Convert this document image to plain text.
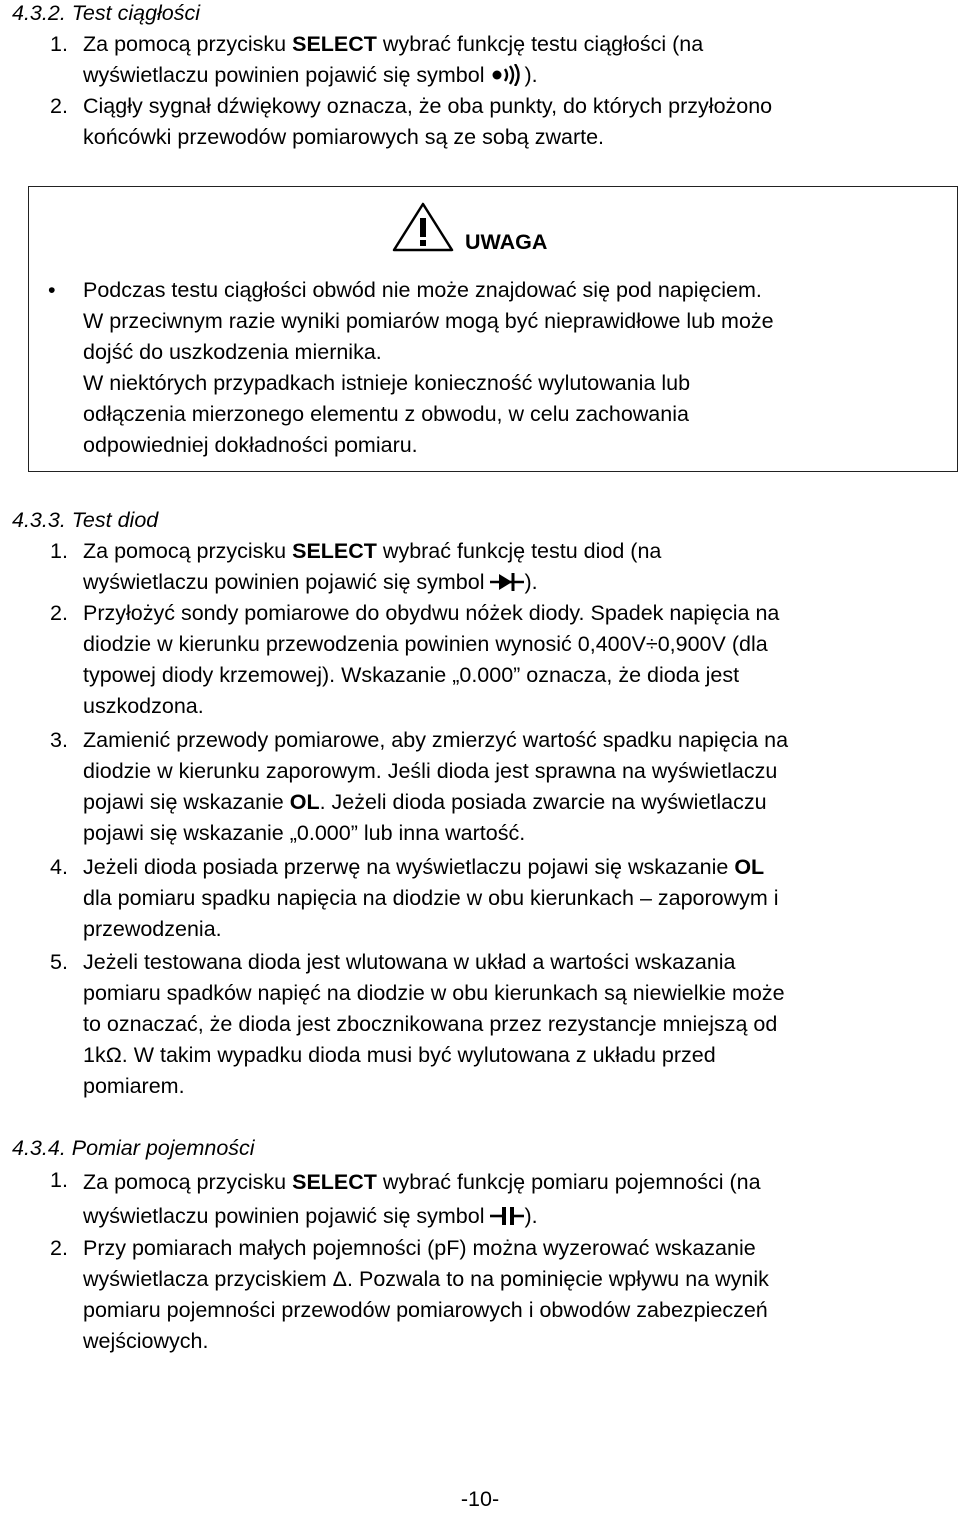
4.3.2. Test ciągłości
1. Za pomocą przycisku SELECT wybrać funkcję testu ciągłości (na
wyświetlaczu powinien pojawić się symbol ).
2. Ciągły sygnał dźwiękowy oznacza, że oba punkty, do których przyłożono
końcówki przewodów pomiarowych są ze sobą zwarte.
UWAGA
• Podczas testu ciągłości obwód nie może znajdować się pod napięciem.
W przeciwnym razie wyniki pomiarów mogą być nieprawidłowe lub może
dojść do uszkodzenia miernika.
W niektórych przypadkach istnieje konieczność wylutowania lub
odłączenia mierzonego elementu z obwodu, w celu zachowania
odpowiedniej dokładności pomiaru.
4.3.3. Test diod
1. Za pomocą przycisku SELECT wybrać funkcję testu diod (na
wyświetlaczu powinien pojawić się symbol ).
2. Przyłożyć sondy pomiarowe do obydwu nóżek diody. Spadek napięcia na
diodzie w kierunku przewodzenia powinien wynosić 0,400V÷0,900V (dla
typowej diody krzemowej). Wskazanie „0.000” oznacza, że dioda jest
uszkodzona.
3. Zamienić przewody pomiarowe, aby zmierzyć wartość spadku napięcia na
diodzie w kierunku zaporowym. Jeśli dioda jest sprawna na wyświetlaczu
pojawi się wskazanie OL. Jeżeli dioda posiada zwarcie na wyświetlaczu
pojawi się wskazanie „0.000” lub inna wartość.
4. Jeżeli dioda posiada przerwę na wyświetlaczu pojawi się wskazanie OL
dla pomiaru spadku napięcia na diodzie w obu kierunkach – zaporowym i
przewodzenia.
5. Jeżeli testowana dioda jest wlutowana w układ a wartości wskazania
pomiaru spadków napięć na diodzie w obu kierunkach są niewielkie może
to oznaczać, że dioda jest zbocznikowana przez rezystancje mniejszą od
1kΩ. W takim wypadku dioda musi być wylutowana z układu przed
pomiarem.
4.3.4. Pomiar pojemności
1. Za pomocą przycisku SELECT wybrać funkcję pomiaru pojemności (na
wyświetlaczu powinien pojawić się symbol ).
2. Przy pomiarach małych pojemności (pF) można wyzerować wskazanie
wyświetlacza przyciskiem Δ. Pozwala to na pominięcie wpływu na wynik
pomiaru pojemności przewodów pomiarowych i obwodów zabezpieczeń
wejściowych.
-10-
